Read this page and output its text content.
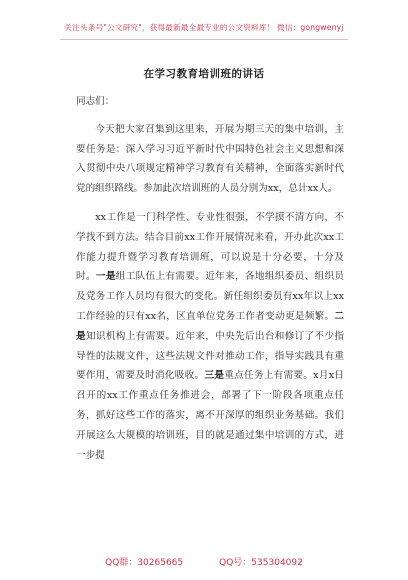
关注头条号"公文研究"，获得最新最全最专业的公文资料库！ 微信：gongwenyj
在学习教育培训班的讲话

同志们：

今天把大家召集到这里来，开展为期三天的集中培训，主要任务是：深入学习习近平新时代中国特色社会主义思想和深入贯彻中央八项规定精神学习教育有关精神，全面落实新时代党的组织路线。参加此次培训班的人员分别为xx，总计xx人。

xx工作是一门科学性、专业性很强，不学摸不清方向，不学找不到方法。结合目前xx工作开展情况来看，开办此次xx工作能力提升暨学习教育培训班，可以说是十分必要，十分及时。一是组工队伍上有需要。近年来，各地组织委员、组织员及党务工作人员均有很大的变化。新任组织委员有xx年以上xx工作经验的只有xx名，区直单位党务工作者变动更是频繁。二是知识机构上有需要。近年来，中央先后出台和修订了不少指导性的法规文件，这些法规文件对推动工作，指导实践具有重要作用，需要及时消化吸收。三是重点任务上有需要。x月x日召开的xx工作重点任务推进会，部署了下一阶段各项重点任务，抓好这些工作的落实，离不开深厚的组织业务基础。我们开展这么大规模的培训班，目的就是通过集中培训的方式，进一步提

QQ群：30265665	QQ号：535304092
